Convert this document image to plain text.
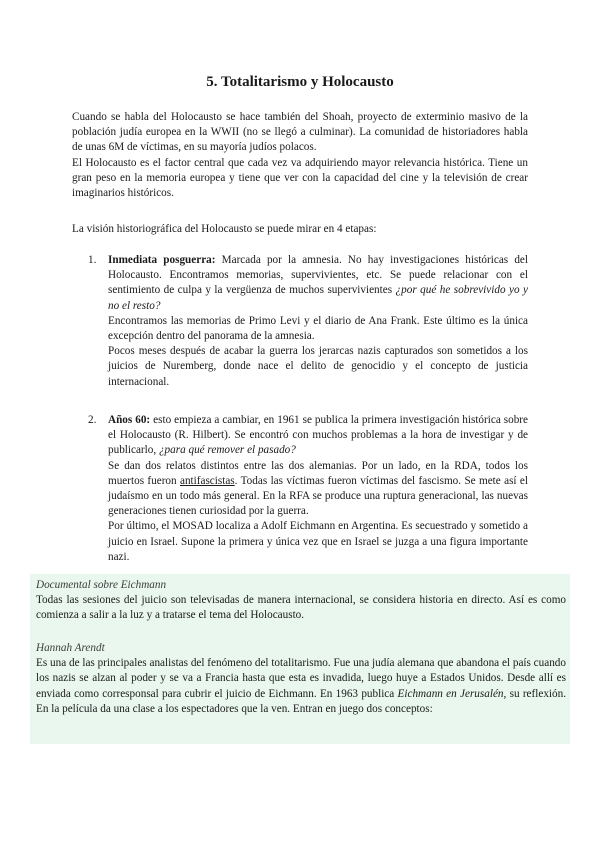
5. Totalitarismo y Holocausto

Cuando se habla del Holocausto se hace también del Shoah, proyecto de exterminio masivo de la población judía europea en la WWII (no se llegó a culminar). La comunidad de historiadores habla de unas 6M de víctimas, en su mayoría judíos polacos.

El Holocausto es el factor central que cada vez va adquiriendo mayor relevancia histórica. Tiene un gran peso en la memoria europea y tiene que ver con la capacidad del cine y la televisión de crear imaginarios históricos.

La visión historiográfica del Holocausto se puede mirar en 4 etapas:

1. Inmediata posguerra: Marcada por la amnesia. No hay investigaciones históricas del Holocausto. Encontramos memorias, supervivientes, etc. Se puede relacionar con el sentimiento de culpa y la vergüenza de muchos supervivientes ¿por qué he sobrevivido yo y no el resto?

Encontramos las memorias de Primo Levi y el diario de Ana Frank. Este último es la única excepción dentro del panorama de la amnesia.

Pocos meses después de acabar la guerra los jerarcas nazis capturados son sometidos a los juicios de Nuremberg, donde nace el delito de genocidio y el concepto de justicia internacional.

2. Años 60: esto empieza a cambiar, en 1961 se publica la primera investigación histórica sobre el Holocausto (R. Hilbert). Se encontró con muchos problemas a la hora de investigar y de publicarlo, ¿para qué remover el pasado?

Se dan dos relatos distintos entre las dos alemanias. Por un lado, en la RDA, todos los muertos fueron antifascistas. Todas las víctimas fueron víctimas del fascismo. Se mete así el judaísmo en un todo más general. En la RFA se produce una ruptura generacional, las nuevas generaciones tienen curiosidad por la guerra.

Por último, el MOSAD localiza a Adolf Eichmann en Argentina. Es secuestrado y sometido a juicio en Israel. Supone la primera y única vez que en Israel se juzga a una figura importante nazi.

Documental sobre Eichmann

Todas las sesiones del juicio son televisadas de manera internacional, se considera historia en directo. Así es como comienza a salir a la luz y a tratarse el tema del Holocausto.

Hannah Arendt

Es una de las principales analistas del fenómeno del totalitarismo. Fue una judía alemana que abandona el país cuando los nazis se alzan al poder y se va a Francia hasta que esta es invadida, luego huye a Estados Unidos. Desde allí es enviada como corresponsal para cubrir el juicio de Eichmann. En 1963 publica Eichmann en Jerusalén, su reflexión. En la película da una clase a los espectadores que la ven. Entran en juego dos conceptos:
